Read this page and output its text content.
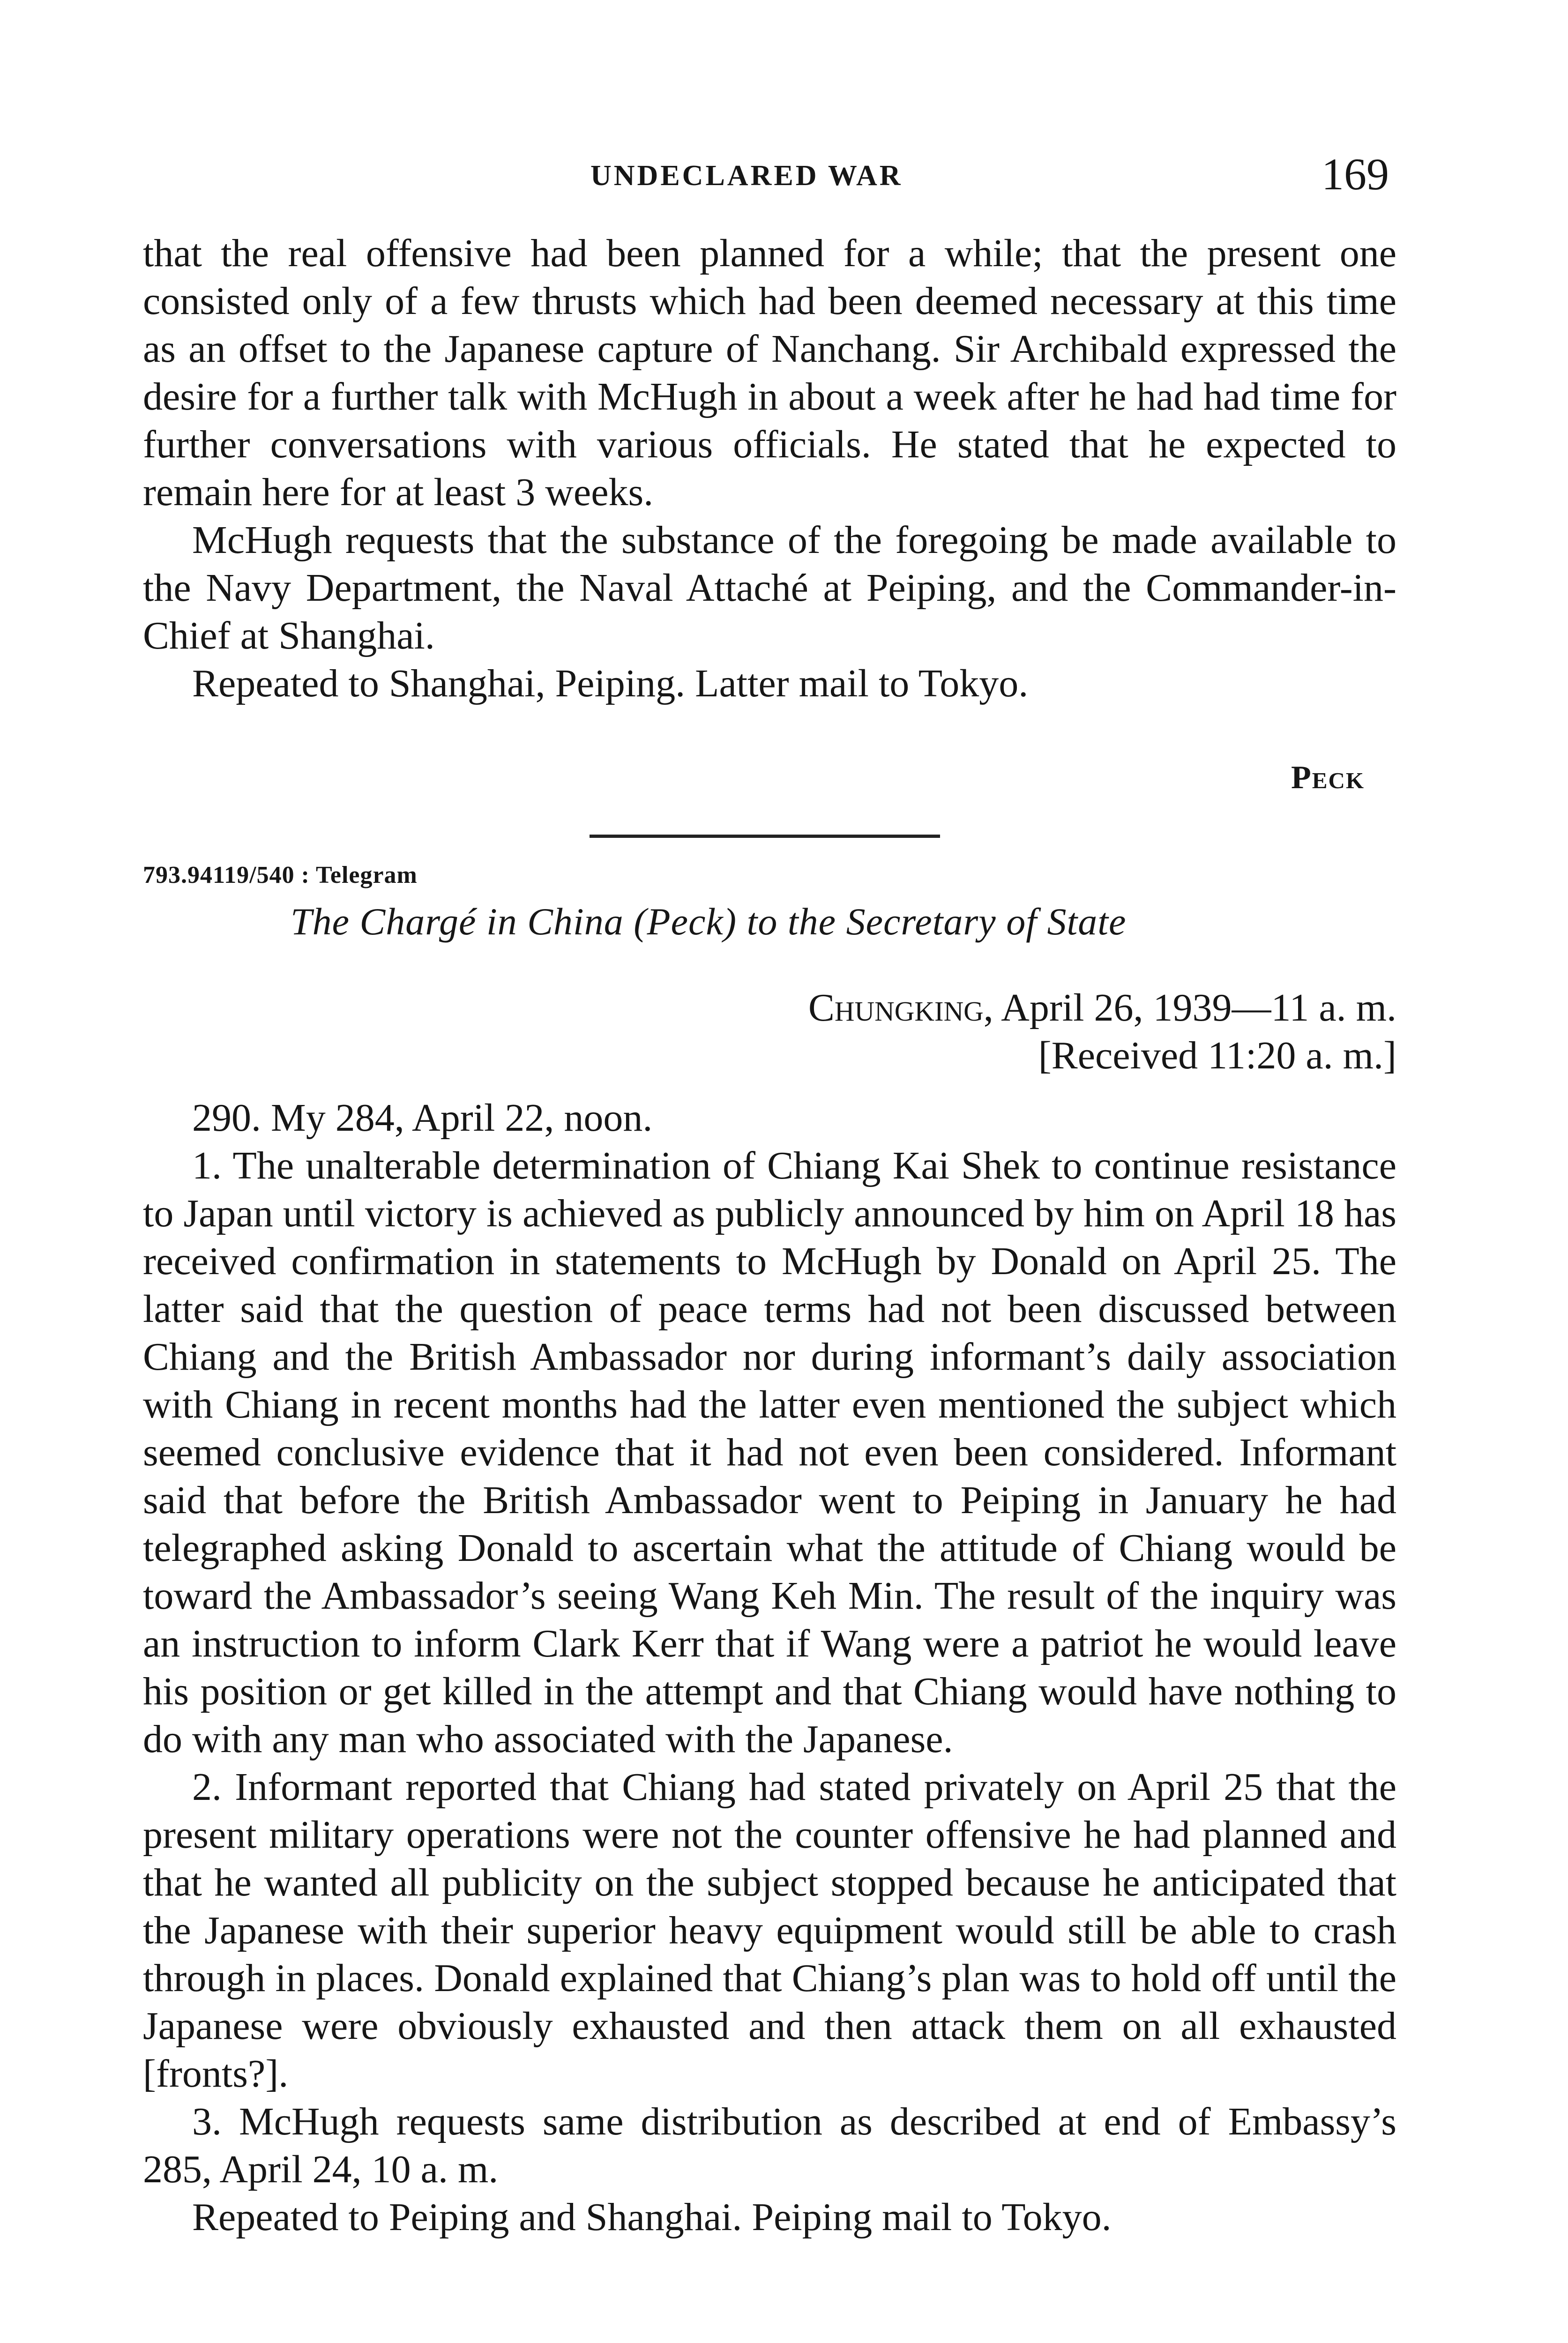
UNDECLARED WAR	169

that the real offensive had been planned for a while; that the present one consisted only of a few thrusts which had been deemed necessary at this time as an offset to the Japanese capture of Nanchang. Sir Archibald expressed the desire for a further talk with McHugh in about a week after he had had time for further conversations with various officials. He stated that he expected to remain here for at least 3 weeks.

McHugh requests that the substance of the foregoing be made available to the Navy Department, the Naval Attaché at Peiping, and the Commander-in-Chief at Shanghai.

Repeated to Shanghai, Peiping. Latter mail to Tokyo.

Peck
793.94119/540 : Telegram
The Chargé in China (Peck) to the Secretary of State
Chungking, April 26, 1939—11 a. m.
[Received 11:20 a. m.]

290. My 284, April 22, noon.

1. The unalterable determination of Chiang Kai Shek to continue resistance to Japan until victory is achieved as publicly announced by him on April 18 has received confirmation in statements to McHugh by Donald on April 25. The latter said that the question of peace terms had not been discussed between Chiang and the British Ambassador nor during informant’s daily association with Chiang in recent months had the latter even mentioned the subject which seemed conclusive evidence that it had not even been considered. Informant said that before the British Ambassador went to Peiping in January he had telegraphed asking Donald to ascertain what the attitude of Chiang would be toward the Ambassador’s seeing Wang Keh Min. The result of the inquiry was an instruction to inform Clark Kerr that if Wang were a patriot he would leave his position or get killed in the attempt and that Chiang would have nothing to do with any man who associated with the Japanese.

2. Informant reported that Chiang had stated privately on April 25 that the present military operations were not the counter offensive he had planned and that he wanted all publicity on the subject stopped because he anticipated that the Japanese with their superior heavy equipment would still be able to crash through in places. Donald explained that Chiang’s plan was to hold off until the Japanese were obviously exhausted and then attack them on all exhausted [fronts?].

3. McHugh requests same distribution as described at end of Embassy’s 285, April 24, 10 a. m.

Repeated to Peiping and Shanghai. Peiping mail to Tokyo.
